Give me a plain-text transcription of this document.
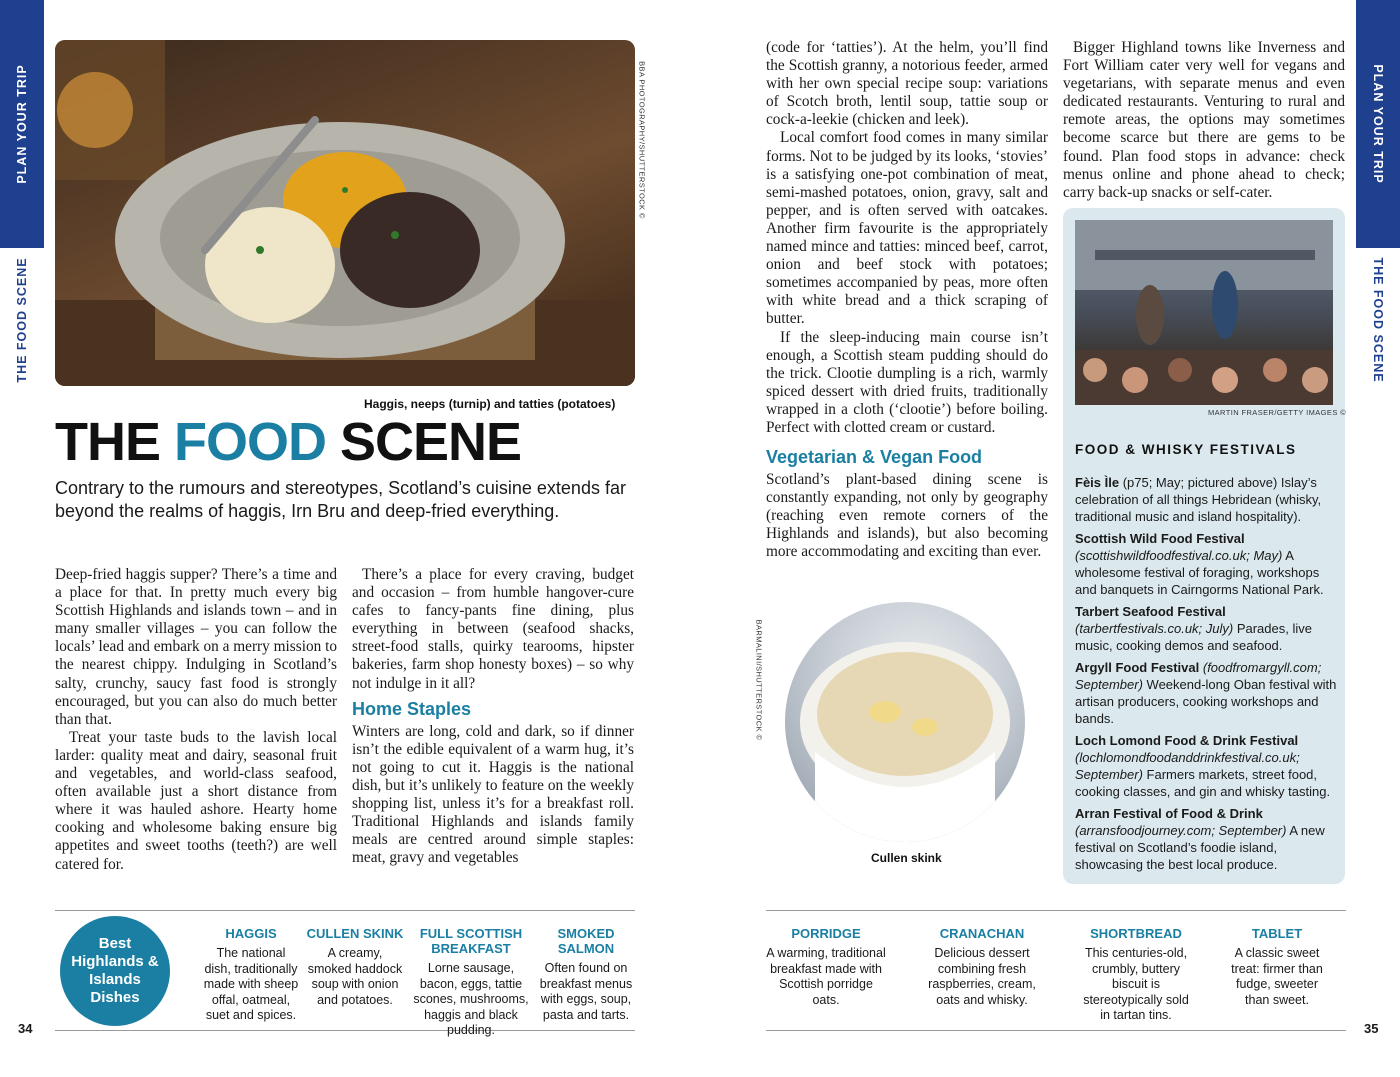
PLAN YOUR TRIP
THE FOOD SCENE
PLAN YOUR TRIP
THE FOOD SCENE
BBA PHOTOGRAPHY/SHUTTERSTOCK ©
Haggis, neeps (turnip) and tatties (potatoes)
THE FOOD SCENE

Contrary to the rumours and stereotypes, Scotland’s cuisine extends far beyond the realms of haggis, Irn Bru and deep-fried everything.

Deep-fried haggis supper? There’s a time and a place for that. In pretty much every big Scottish Highlands and islands town – and in many smaller villages – you can follow the locals’ lead and embark on a merry mission to the nearest chippy. Indulging in Scotland’s salty, crunchy, saucy fast food is strongly encouraged, but you can also do much better than that.

Treat your taste buds to the lavish local larder: quality meat and dairy, seasonal fruit and vegetables, and world-class seafood, often available just a short distance from where it was hauled ashore. Hearty home cooking and wholesome baking ensure big appetites and sweet tooths (teeth?) are well catered for.

There’s a place for every craving, budget and occasion – from humble hangover-cure cafes to fancy-pants fine dining, plus everything in between (seafood shacks, street-food stalls, quirky tearooms, hipster bakeries, farm shop honesty boxes) – so why not indulge in it all?

Home Staples

Winters are long, cold and dark, so if dinner isn’t the edible equivalent of a warm hug, it’s not going to cut it. Haggis is the national dish, but it’s unlikely to feature on the weekly shopping list, unless it’s for a breakfast roll. Traditional Highlands and islands family meals are centred around simple staples: meat, gravy and vegetables

(code for ‘tatties’). At the helm, you’ll find the Scottish granny, a notorious feeder, armed with her own special recipe soup: variations of Scotch broth, lentil soup, tattie soup or cock-a-leekie (chicken and leek).

Local comfort food comes in many similar forms. Not to be judged by its looks, ‘stovies’ is a satisfying one-pot combination of meat, semi-mashed potatoes, onion, gravy, salt and pepper, and is often served with oatcakes. Another firm favourite is the appropriately named mince and tatties: minced beef, carrot, onion and beef stock with potatoes; sometimes accompanied by peas, more often with white bread and a thick scraping of butter.

If the sleep-inducing main course isn’t enough, a Scottish steam pudding should do the trick. Clootie dumpling is a rich, warmly spiced dessert with dried fruits, traditionally wrapped in a cloth (‘clootie’) before boiling. Perfect with clotted cream or custard.

Vegetarian & Vegan Food

Scotland’s plant-based dining scene is constantly expanding, not only by geography (reaching even remote corners of the Highlands and islands), but also becoming more accommodating and exciting than ever.

Bigger Highland towns like Inverness and Fort William cater very well for vegans and vegetarians, with separate menus and even dedicated restaurants. Venturing to rural and remote areas, the options may sometimes become scarce but there are gems to be found. Plan food stops in advance: check menus online and phone ahead to check; carry back-up snacks or self-cater.

BARMALINI/SHUTTERSTOCK ©
Cullen skink
MARTIN FRASER/GETTY IMAGES ©
FOOD & WHISKY FESTIVALS
Fèis Ìle (p75; May; pictured above) Islay’s celebration of all things Hebridean (whisky, traditional music and island hospitality).
Scottish Wild Food Festival (scottishwildfoodfestival.co.uk; May) A wholesome festival of foraging, workshops and banquets in Cairngorms National Park.
Tarbert Seafood Festival (tarbertfestivals.co.uk; July) Parades, live music, cooking demos and seafood.
Argyll Food Festival (foodfromargyll.com; September) Weekend-long Oban festival with artisan producers, cooking workshops and bands.
Loch Lomond Food & Drink Festival (lochlomondfoodanddrinkfestival.co.uk; September) Farmers markets, street food, cooking classes, and gin and whisky tasting.
Arran Festival of Food & Drink (arransfoodjourney.com; September) A new festival on Scotland’s foodie island, showcasing the best local produce.
Best Highlands & Islands Dishes
HAGGIS
The national dish, traditionally made with sheep offal, oatmeal, suet and spices.
CULLEN SKINK
A creamy, smoked haddock soup with onion and potatoes.
FULL SCOTTISH BREAKFAST
Lorne sausage, bacon, eggs, tattie scones, mushrooms, haggis and black pudding.
SMOKED SALMON
Often found on breakfast menus with eggs, soup, pasta and tarts.
PORRIDGE
A warming, traditional breakfast made with Scottish porridge oats.
CRANACHAN
Delicious dessert combining fresh raspberries, cream, oats and whisky.
SHORTBREAD
This centuries-old, crumbly, buttery biscuit is stereotypically sold in tartan tins.
TABLET
A classic sweet treat: firmer than fudge, sweeter than sweet.
34	35
